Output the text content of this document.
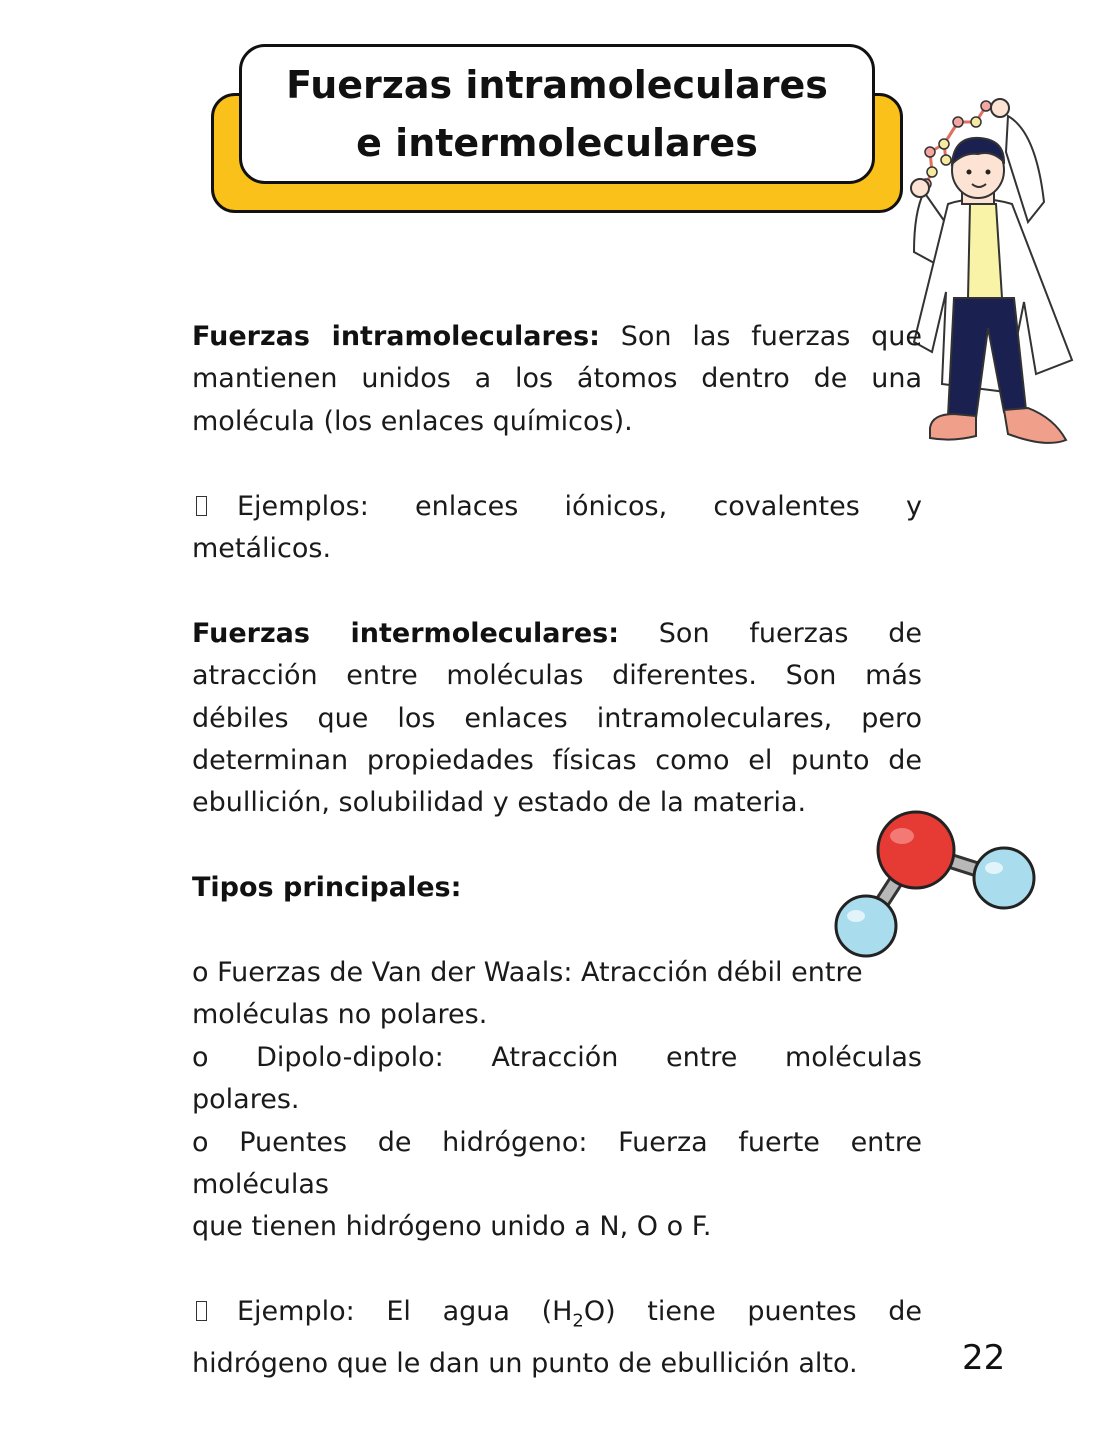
Fuerzas intramoleculares
e intermoleculares

Fuerzas intramoleculares: Son las fuerzas que

mantienen unidos a los átomos dentro de una

molécula (los enlaces químicos).

Ejemplos: enlaces iónicos, covalentes y

metálicos.

Fuerzas intermoleculares: Son fuerzas de atracción entre moléculas diferentes. Son más débiles que los enlaces intramoleculares, pero determinan propiedades físicas como el punto de ebullición, solubilidad y estado de la materia.

Tipos principales:

o Fuerzas de Van der Waals: Atracción débil entre

moléculas no polares.

o Dipolo-dipolo: Atracción entre moléculas

polares.

o Puentes de hidrógeno: Fuerza fuerte entre

moléculas

que tienen hidrógeno unido a N, O o F.

Ejemplo: El agua $(H_2O)$ tiene puentes de

hidrógeno que le dan un punto de ebullición alto.	22
